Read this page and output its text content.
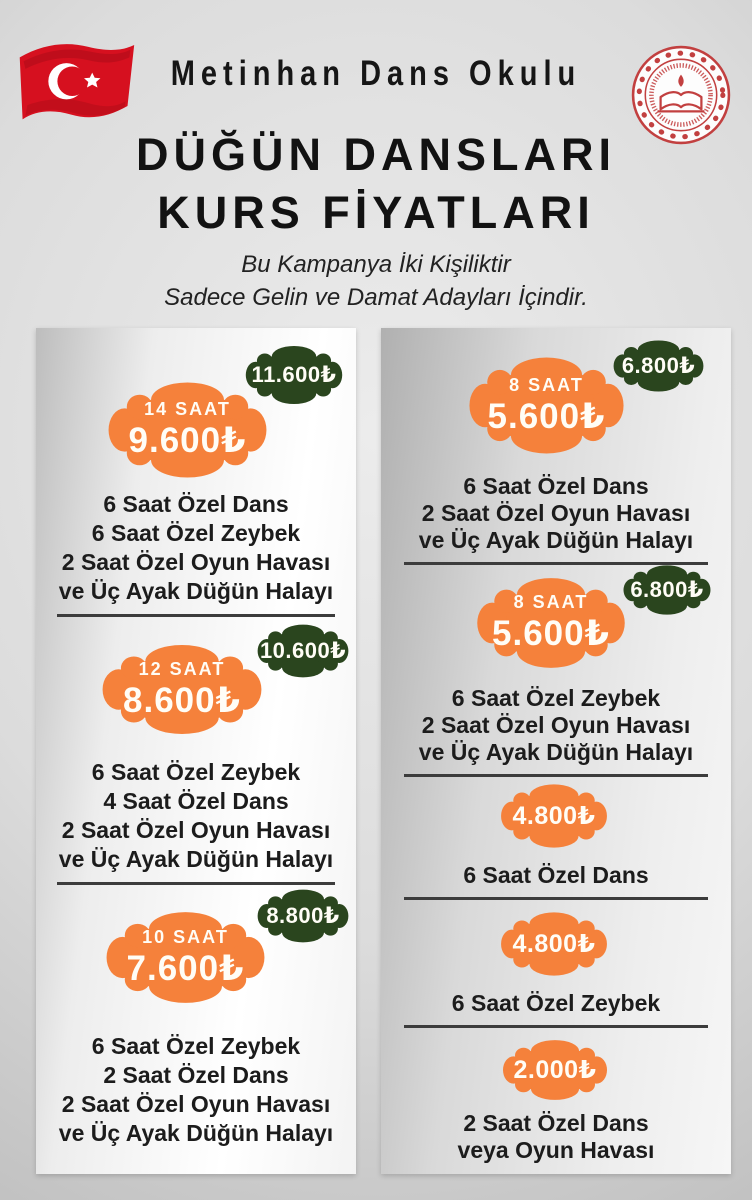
Metinhan Dans Okulu
DÜĞÜN DANSLARI
KURS FİYATLARI
Bu Kampanya İki Kişiliktir
Sadece Gelin ve Damat Adayları İçindir.
11.600₺
14 SAAT
9.600₺
6 Saat Özel Dans
6 Saat Özel Zeybek
2 Saat Özel Oyun Havası
ve Üç Ayak Düğün Halayı
10.600₺
12 SAAT
8.600₺
6 Saat Özel Zeybek
4 Saat Özel Dans
2 Saat Özel Oyun Havası
ve Üç Ayak Düğün Halayı
8.800₺
10 SAAT
7.600₺
6 Saat Özel Zeybek
2 Saat Özel Dans
2 Saat Özel Oyun Havası
ve Üç Ayak Düğün Halayı
6.800₺
8 SAAT
5.600₺
6 Saat Özel Dans
2 Saat Özel Oyun Havası
ve Üç Ayak Düğün Halayı
6.800₺
8 SAAT
5.600₺
6 Saat Özel Zeybek
2 Saat Özel Oyun Havası
ve Üç Ayak Düğün Halayı
4.800₺
6 Saat Özel Dans
4.800₺
6 Saat Özel Zeybek
2.000₺
2 Saat Özel Dans
veya Oyun Havası
